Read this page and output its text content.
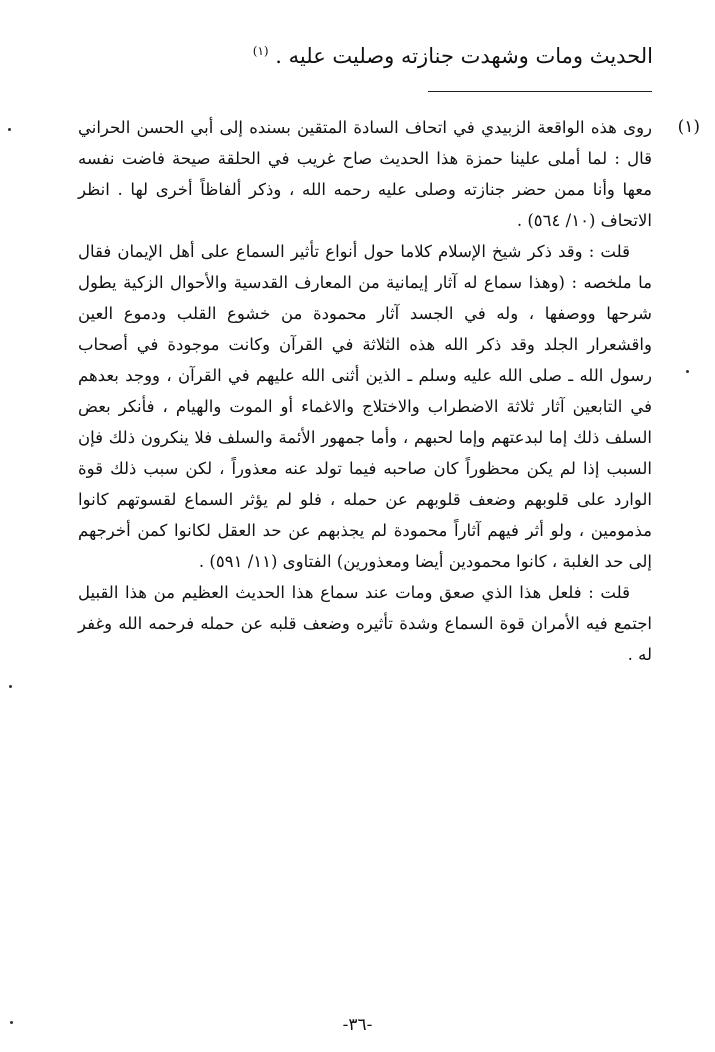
الحديث ومات وشهدت جنازته وصليت عليه . $^{(١)}$
(١)

روى هذه الواقعة الزبيدي في اتحاف السادة المتقين بسنده إلى أبي الحسن الحراني قال : لما أملى علينا حمزة هذا الحديث صاح غريب في الحلقة صيحة فاضت نفسه معها وأنا ممن حضر جنازته وصلى عليه رحمه الله ، وذكر ألفاظاً أخرى لها . انظر الاتحاف (١٠/ ٥٦٤) .

قلت : وقد ذكر شيخ الإسلام كلاما حول أنواع تأثير السماع على أهل الإيمان فقال ما ملخصه : (وهذا سماع له آثار إيمانية من المعارف القدسية والأحوال الزكية يطول شرحها ووصفها ، وله في الجسد آثار محمودة من خشوع القلب ودموع العين واقشعرار الجلد وقد ذكر الله هذه الثلاثة في القرآن وكانت موجودة في أصحاب رسول الله ـ صلى الله عليه وسلم ـ الذين أثنى الله عليهم في القرآن ، ووجد بعدهم في التابعين آثار ثلاثة الاضطراب والاختلاج والاغماء أو الموت والهيام ، فأنكر بعض السلف ذلك إما لبدعتهم وإما لحبهم ، وأما جمهور الأئمة والسلف فلا ينكرون ذلك فإن السبب إذا لم يكن محظوراً كان صاحبه فيما تولد عنه معذوراً ، لكن سبب ذلك قوة الوارد على قلوبهم وضعف قلوبهم عن حمله ، فلو لم يؤثر السماع لقسوتهم كانوا مذمومين ، ولو أثر فيهم آثاراً محمودة لم يجذبهم عن حد العقل لكانوا كمن أخرجهم إلى حد الغلبة ، كانوا محمودين أيضا ومعذورين) الفتاوى (١١/ ٥٩١) .

قلت : فلعل هذا الذي صعق ومات عند سماع هذا الحديث العظيم من هذا القبيل اجتمع فيه الأمران قوة السماع وشدة تأثيره وضعف قلبه عن حمله فرحمه الله وغفر له .

-٣٦-
